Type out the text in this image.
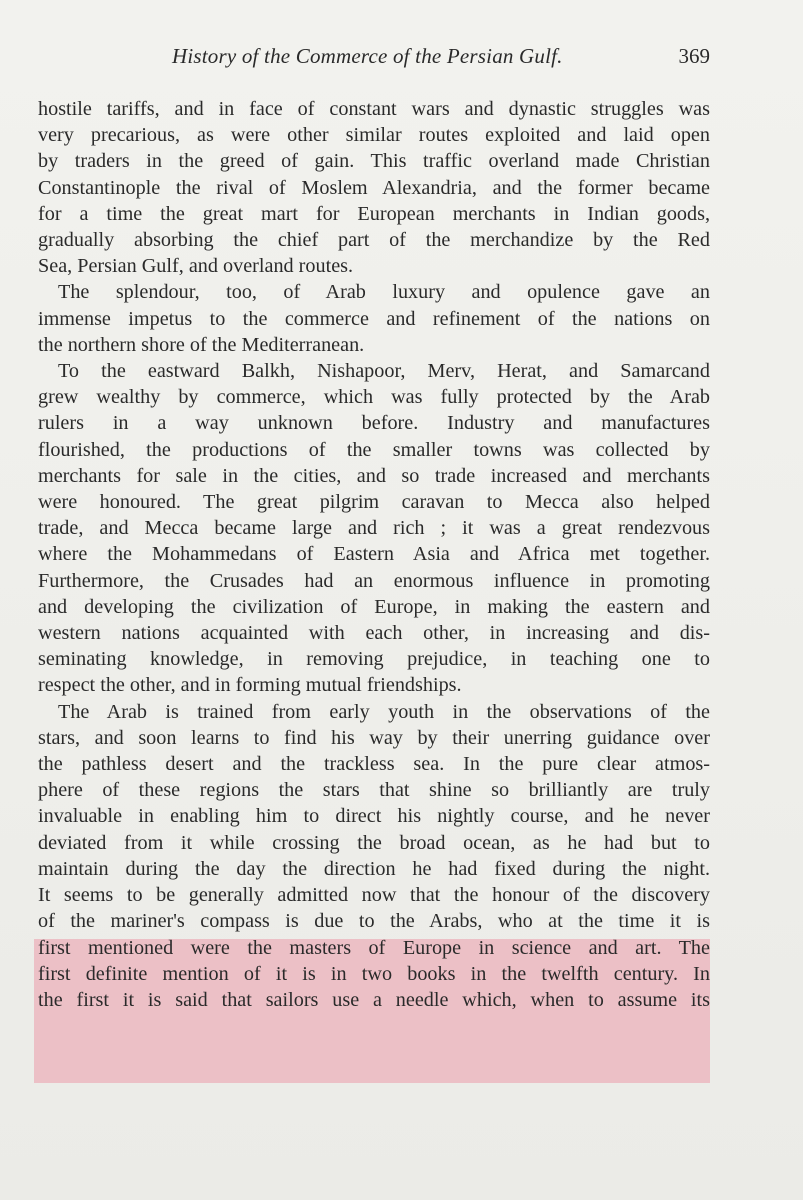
History of the Commerce of the Persian Gulf.	369
hostile tariffs, and in face of constant wars and dynastic struggles was
very precarious, as were other similar routes exploited and laid open
by traders in the greed of gain. This traffic overland made Christian
Constantinople the rival of Moslem Alexandria, and the former became
for a time the great mart for European merchants in Indian goods,
gradually absorbing the chief part of the merchandize by the Red
Sea, Persian Gulf, and overland routes.
The splendour, too, of Arab luxury and opulence gave an
immense impetus to the commerce and refinement of the nations on
the northern shore of the Mediterranean.
To the eastward Balkh, Nishapoor, Merv, Herat, and Samarcand
grew wealthy by commerce, which was fully protected by the Arab
rulers in a way unknown before. Industry and manufactures
flourished, the productions of the smaller towns was collected by
merchants for sale in the cities, and so trade increased and merchants
were honoured. The great pilgrim caravan to Mecca also helped
trade, and Mecca became large and rich ; it was a great rendezvous
where the Mohammedans of Eastern Asia and Africa met together.
Furthermore, the Crusades had an enormous influence in promoting
and developing the civilization of Europe, in making the eastern and
western nations acquainted with each other, in increasing and dis-
seminating knowledge, in removing prejudice, in teaching one to
respect the other, and in forming mutual friendships.
The Arab is trained from early youth in the observations of the
stars, and soon learns to find his way by their unerring guidance over
the pathless desert and the trackless sea. In the pure clear atmos-
phere of these regions the stars that shine so brilliantly are truly
invaluable in enabling him to direct his nightly course, and he never
deviated from it while crossing the broad ocean, as he had but to
maintain during the day the direction he had fixed during the night.
It seems to be generally admitted now that the honour of the discovery
of the mariner's compass is due to the Arabs, who at the time it is
first mentioned were the masters of Europe in science and art. The
first definite mention of it is in two books in the twelfth century. In
the first it is said that sailors use a needle which, when to assume its
